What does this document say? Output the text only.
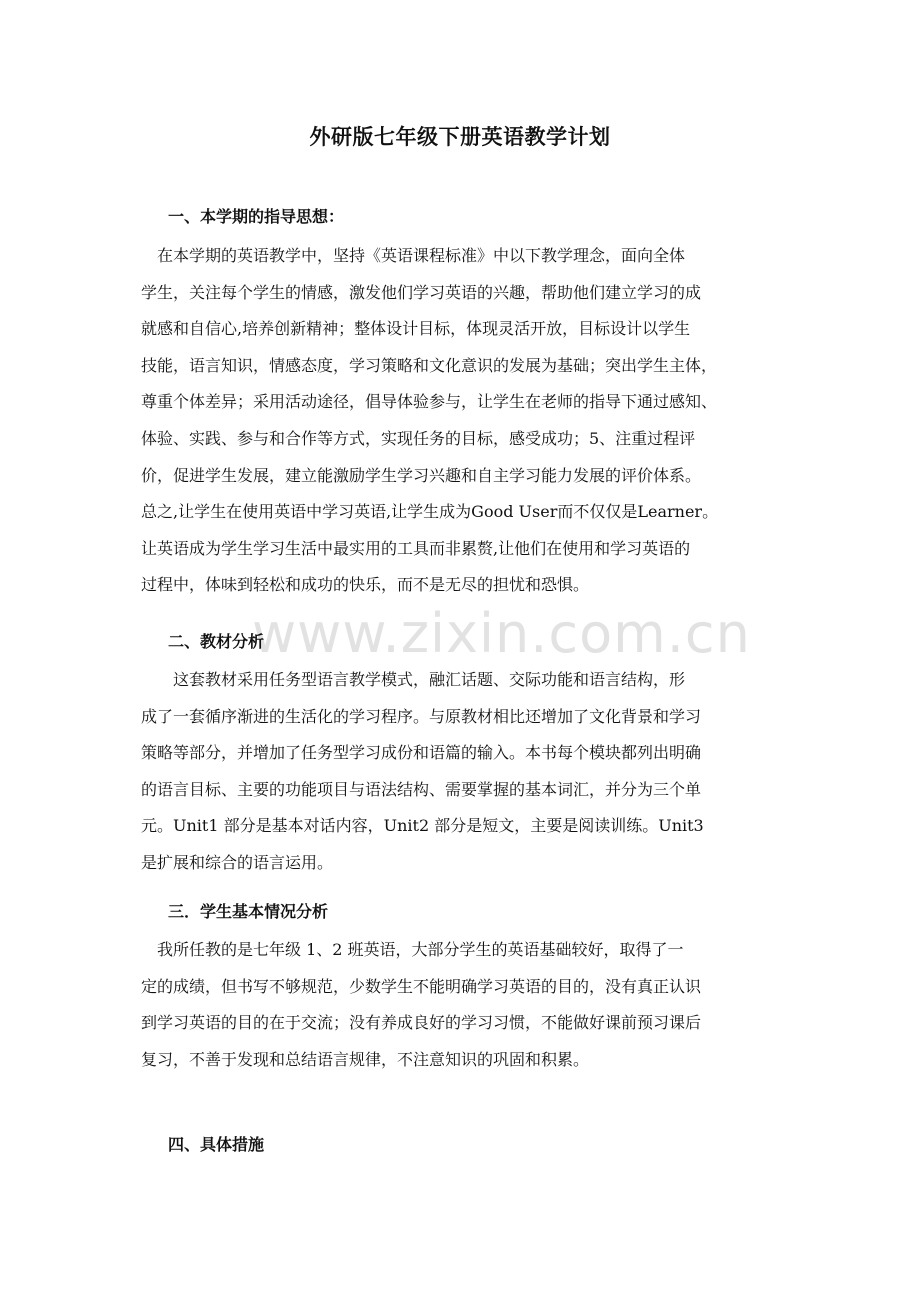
www.zixin.com.cn
外研版七年级下册英语教学计划
一、本学期的指导思想：
　在本学期的英语教学中，坚持《英语课程标准》中以下教学理念，面向全体
学生，关注每个学生的情感，激发他们学习英语的兴趣，帮助他们建立学习的成
就感和自信心,培养创新精神；整体设计目标，体现灵活开放，目标设计以学生
技能，语言知识，情感态度，学习策略和文化意识的发展为基础；突出学生主体，
尊重个体差异；采用活动途径，倡导体验参与，让学生在老师的指导下通过感知、
体验、实践、参与和合作等方式，实现任务的目标，感受成功；5、注重过程评
价，促进学生发展，建立能激励学生学习兴趣和自主学习能力发展的评价体系。
总之,让学生在使用英语中学习英语,让学生成为Good User而不仅仅是Learner。
让英语成为学生学习生活中最实用的工具而非累赘,让他们在使用和学习英语的
过程中，体味到轻松和成功的快乐，而不是无尽的担忧和恐惧。
二、教材分析
　　这套教材采用任务型语言教学模式，融汇话题、交际功能和语言结构，形
成了一套循序渐进的生活化的学习程序。与原教材相比还增加了文化背景和学习
策略等部分，并增加了任务型学习成份和语篇的输入。本书每个模块都列出明确
的语言目标、主要的功能项目与语法结构、需要掌握的基本词汇，并分为三个单
元。Unit1 部分是基本对话内容，Unit2 部分是短文，主要是阅读训练。Unit3
是扩展和综合的语言运用。
三．学生基本情况分析
　我所任教的是七年级 1、2 班英语，大部分学生的英语基础较好，取得了一
定的成绩，但书写不够规范，少数学生不能明确学习英语的目的，没有真正认识
到学习英语的目的在于交流；没有养成良好的学习习惯，不能做好课前预习课后
复习，不善于发现和总结语言规律，不注意知识的巩固和积累。
四、具体措施
